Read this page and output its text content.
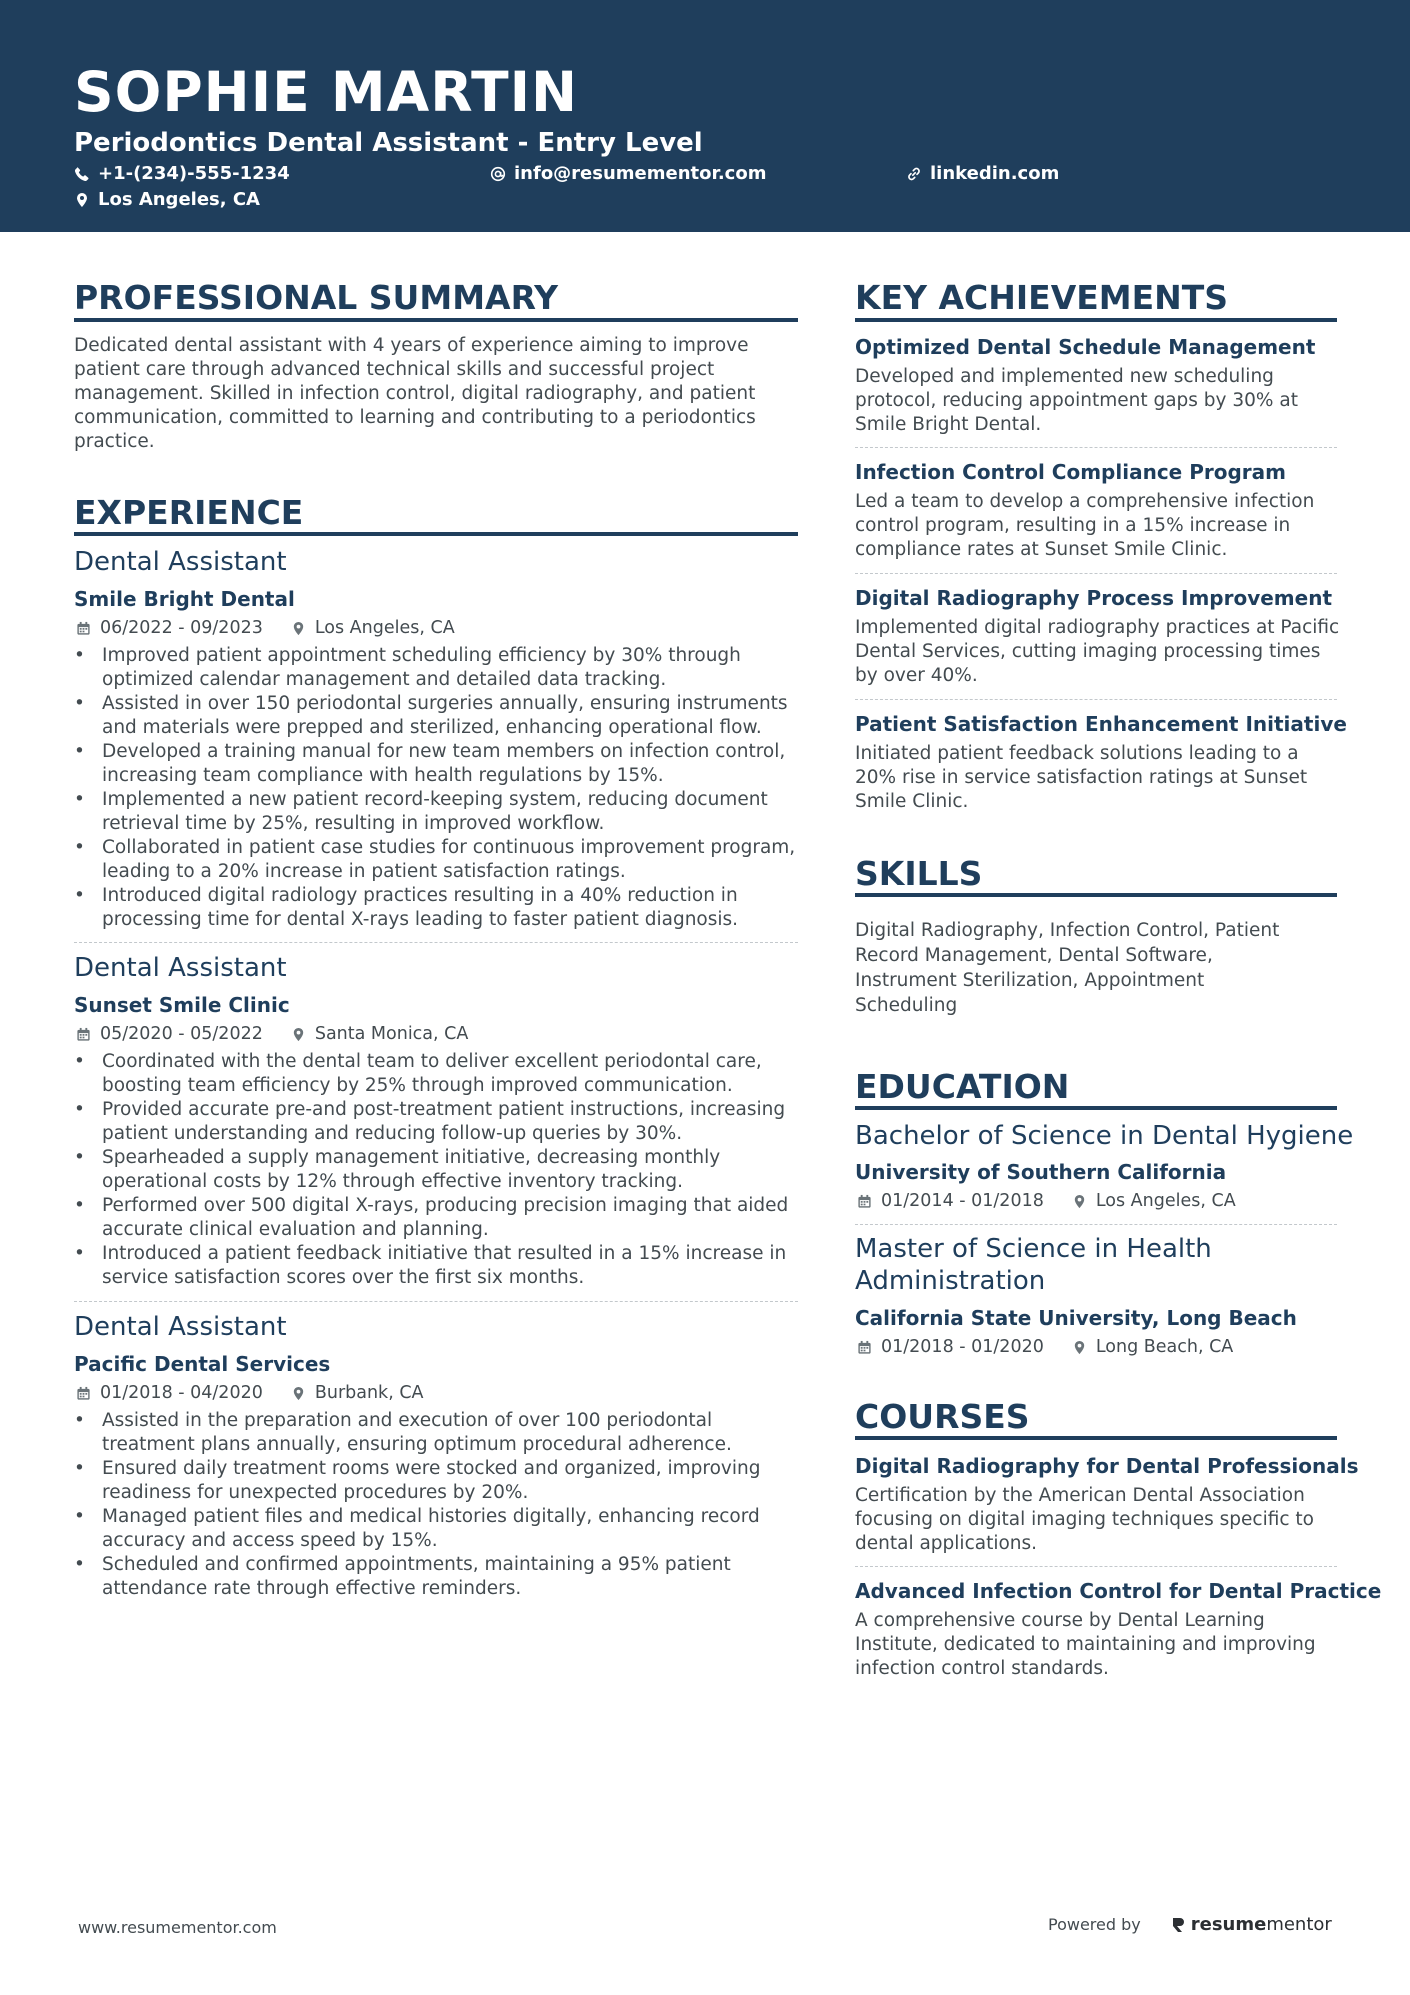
SOPHIE MARTIN
Periodontics Dental Assistant - Entry Level
+1-(234)-555-1234	info@resumementor.com	linkedin.com
Los Angeles, CA
PROFESSIONAL SUMMARY
Dedicated dental assistant with 4 years of experience aiming to improve
patient care through advanced technical skills and successful project
management. Skilled in infection control, digital radiography, and patient
communication, committed to learning and contributing to a periodontics
practice.
EXPERIENCE
Dental Assistant
Smile Bright Dental
06/2022 - 09/2023	Los Angeles, CA
• Improved patient appointment scheduling efficiency by 30% through
optimized calendar management and detailed data tracking.
• Assisted in over 150 periodontal surgeries annually, ensuring instruments
and materials were prepped and sterilized, enhancing operational flow.
• Developed a training manual for new team members on infection control,
increasing team compliance with health regulations by 15%.
• Implemented a new patient record-keeping system, reducing document
retrieval time by 25%, resulting in improved workflow.
• Collaborated in patient case studies for continuous improvement program,
leading to a 20% increase in patient satisfaction ratings.
• Introduced digital radiology practices resulting in a 40% reduction in
processing time for dental X-rays leading to faster patient diagnosis.
Dental Assistant
Sunset Smile Clinic
05/2020 - 05/2022	Santa Monica, CA
• Coordinated with the dental team to deliver excellent periodontal care,
boosting team efficiency by 25% through improved communication.
• Provided accurate pre-and post-treatment patient instructions, increasing
patient understanding and reducing follow-up queries by 30%.
• Spearheaded a supply management initiative, decreasing monthly
operational costs by 12% through effective inventory tracking.
• Performed over 500 digital X-rays, producing precision imaging that aided
accurate clinical evaluation and planning.
• Introduced a patient feedback initiative that resulted in a 15% increase in
service satisfaction scores over the first six months.
Dental Assistant
Pacific Dental Services
01/2018 - 04/2020	Burbank, CA
• Assisted in the preparation and execution of over 100 periodontal
treatment plans annually, ensuring optimum procedural adherence.
• Ensured daily treatment rooms were stocked and organized, improving
readiness for unexpected procedures by 20%.
• Managed patient files and medical histories digitally, enhancing record
accuracy and access speed by 15%.
• Scheduled and confirmed appointments, maintaining a 95% patient
attendance rate through effective reminders.
KEY ACHIEVEMENTS
Optimized Dental Schedule Management
Developed and implemented new scheduling
protocol, reducing appointment gaps by 30% at
Smile Bright Dental.
Infection Control Compliance Program
Led a team to develop a comprehensive infection
control program, resulting in a 15% increase in
compliance rates at Sunset Smile Clinic.
Digital Radiography Process Improvement
Implemented digital radiography practices at Pacific
Dental Services, cutting imaging processing times
by over 40%.
Patient Satisfaction Enhancement Initiative
Initiated patient feedback solutions leading to a
20% rise in service satisfaction ratings at Sunset
Smile Clinic.
SKILLS
Digital Radiography, Infection Control, Patient
Record Management, Dental Software,
Instrument Sterilization, Appointment
Scheduling
EDUCATION
Bachelor of Science in Dental Hygiene
University of Southern California
01/2014 - 01/2018	Los Angeles, CA
Master of Science in Health
Administration
California State University, Long Beach
01/2018 - 01/2020	Long Beach, CA
COURSES
Digital Radiography for Dental Professionals
Certification by the American Dental Association
focusing on digital imaging techniques specific to
dental applications.
Advanced Infection Control for Dental Practice
A comprehensive course by Dental Learning
Institute, dedicated to maintaining and improving
infection control standards.
www.resumementor.com	Powered by	resume mentor
